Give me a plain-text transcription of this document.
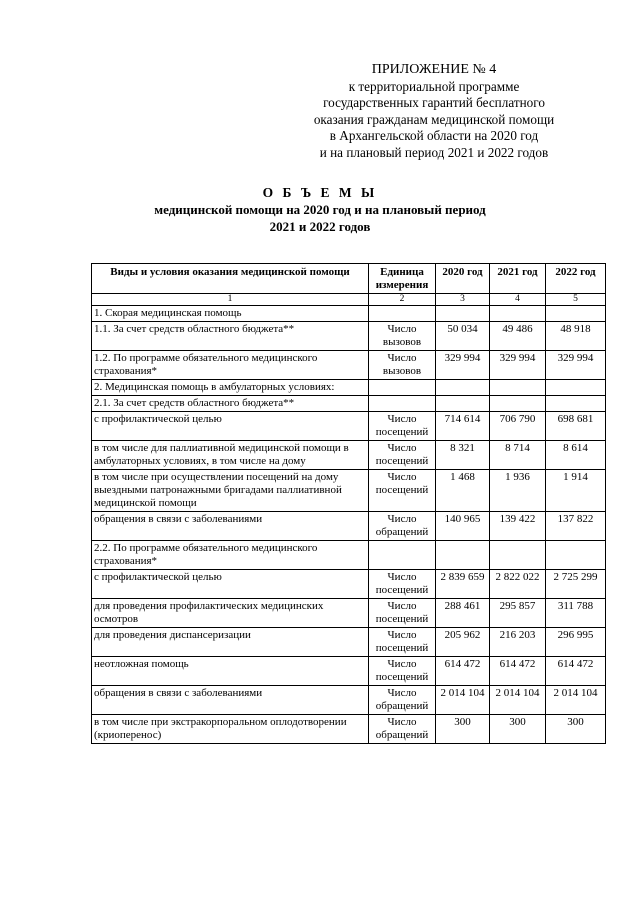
ПРИЛОЖЕНИЕ № 4
к территориальной программе
государственных гарантий бесплатного
оказания гражданам медицинской помощи
в Архангельской области на 2020 год
и на плановый период 2021 и 2022 годов
О Б Ъ Е М Ы
медицинской помощи на 2020 год и на плановый период
2021 и 2022 годов
Виды и условия оказания медицинской помощи	Единица измерения	2020 год	2021 год	2022 год
1	2	3	4	5
1. Скорая медицинская помощь				
1.1. За счет средств областного бюджета**	Число вызовов	50 034	49 486	48 918
1.2. По программе обязательного медицинского страхования*	Число вызовов	329 994	329 994	329 994
2. Медицинская помощь в амбулаторных условиях:				
2.1. За счет средств областного бюджета**				
с профилактической целью	Число посещений	714 614	706 790	698 681
в том числе для паллиативной медицинской помощи в амбулаторных условиях, в том числе на дому	Число посещений	8 321	8 714	8 614
в том числе при осуществлении посещений на дому выездными патронажными бригадами паллиативной медицинской помощи	Число посещений	1 468	1 936	1 914
обращения в связи с заболеваниями	Число обращений	140 965	139 422	137 822
2.2. По программе обязательного медицинского страхования*				
с профилактической целью	Число посещений	2 839 659	2 822 022	2 725 299
для проведения профилактических медицинских осмотров	Число посещений	288 461	295 857	311 788
для проведения диспансеризации	Число посещений	205 962	216 203	296 995
неотложная помощь	Число посещений	614 472	614 472	614 472
обращения в связи с заболеваниями	Число обращений	2 014 104	2 014 104	2 014 104
в том числе при экстракорпоральном оплодотворении (криоперенос)	Число обращений	300	300	300
